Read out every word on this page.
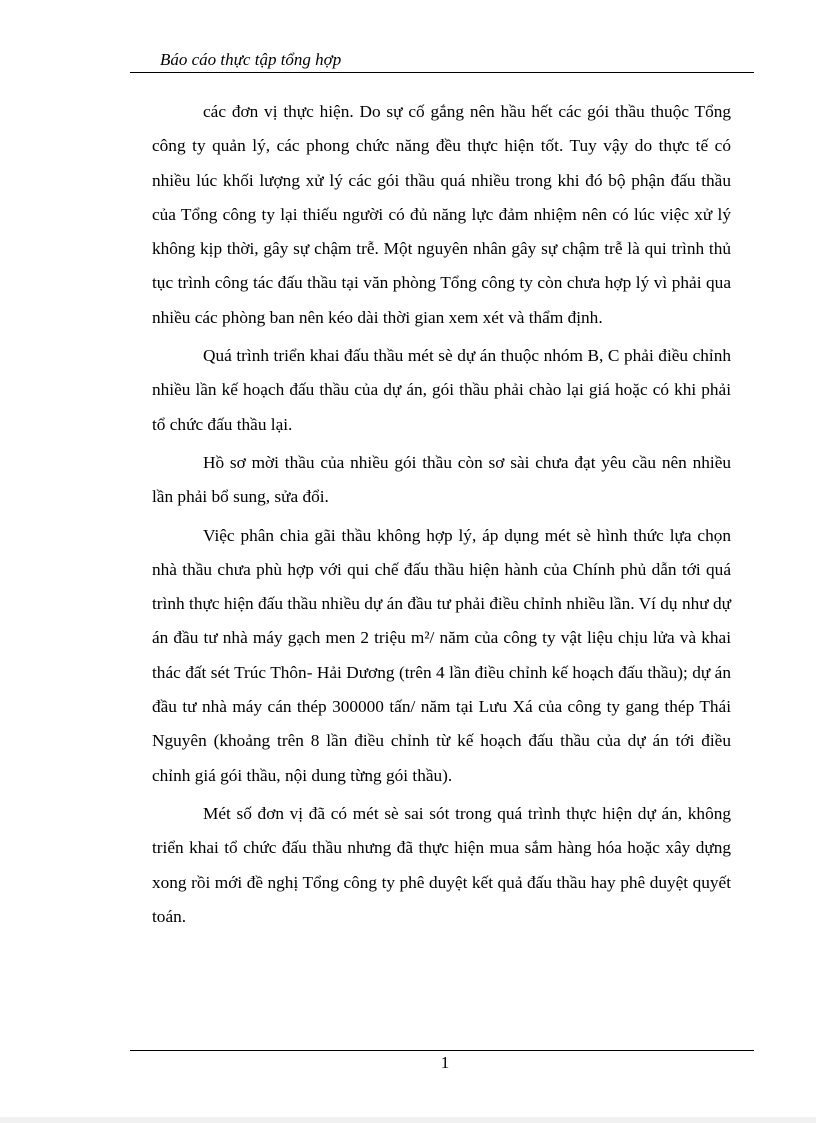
Báo cáo thực tập tổng hợp

các đơn vị thực hiện. Do sự cố gắng nên hầu hết các gói thầu thuộc Tổng công ty quản lý, các phong chức năng đều thực hiện tốt. Tuy vậy do thực tế có nhiều lúc khối lượng xử lý các gói thầu quá nhiều trong khi đó bộ phận đấu thầu của Tổng công ty lại thiếu người có đủ năng lực đảm nhiệm nên có lúc việc xử lý không kịp thời, gây sự chậm trễ. Một nguyên nhân gây sự chậm trễ là qui trình thủ tục trình công tác đấu thầu tại văn phòng Tổng công ty còn chưa hợp lý vì phải qua nhiều các phòng ban nên kéo dài thời gian xem xét và thẩm định.

Quá trình triển khai đấu thầu mét sè dự án thuộc nhóm B, C phải điều chỉnh nhiều lần kế hoạch đấu thầu của dự án, gói thầu phải chào lại giá hoặc có khi phải tổ chức đấu thầu lại.

Hồ sơ mời thầu của nhiều gói thầu còn sơ sài chưa đạt yêu cầu nên nhiều lần phải bổ sung, sửa đổi.

Việc phân chia gãi thầu không hợp lý, áp dụng mét sè hình thức lựa chọn nhà thầu chưa phù hợp với qui chế đấu thầu hiện hành của Chính phủ dẫn tới quá trình thực hiện đấu thầu nhiều dự án đầu tư phải điều chỉnh nhiều lần. Ví dụ như dự án đầu tư nhà máy gạch men 2 triệu m²/ năm của công ty vật liệu chịu lửa và khai thác đất sét Trúc Thôn- Hải Dương (trên 4 lần điều chỉnh kế hoạch đấu thầu); dự án đầu tư nhà máy cán thép 300000 tấn/ năm tại Lưu Xá của công ty gang thép Thái Nguyên (khoảng trên 8 lần điều chỉnh từ kế hoạch đấu thầu của dự án tới điều chỉnh giá gói thầu, nội dung từng gói thầu).

Mét số đơn vị đã có mét sè sai sót trong quá trình thực hiện dự án, không triển khai tổ chức đấu thầu nhưng đã thực hiện mua sắm hàng hóa hoặc xây dựng xong rồi mới đề nghị Tổng công ty phê duyệt kết quả đấu thầu hay phê duyệt quyết toán.

1
